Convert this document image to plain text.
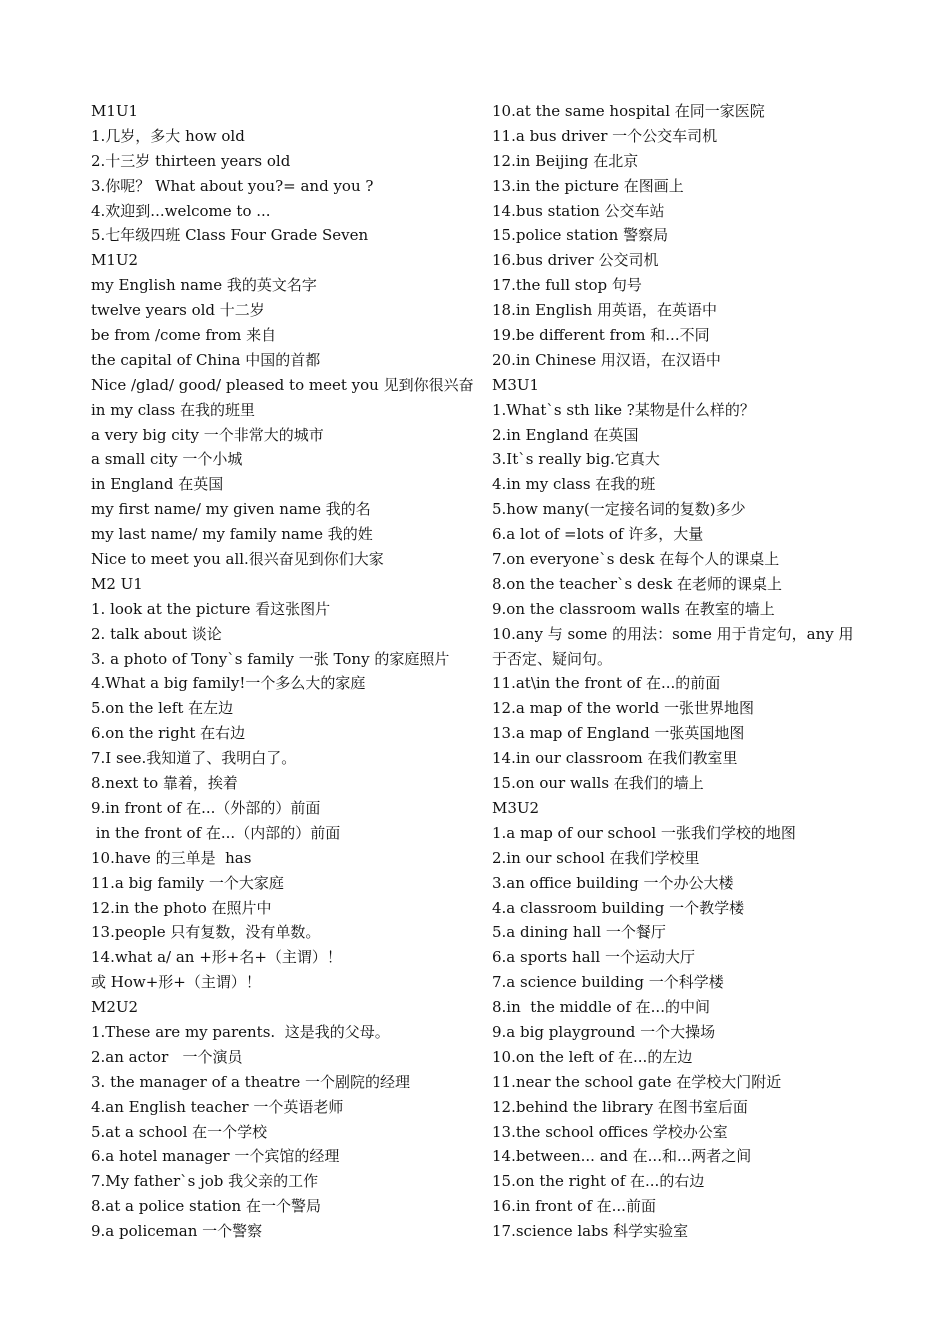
M1U1
1.几岁，多大 how old
2.十三岁 thirteen years old
3.你呢？ What about you?= and you ?
4.欢迎到...welcome to ...
5.七年级四班 Class Four Grade Seven
M1U2
my English name 我的英文名字
twelve years old 十二岁
be from /come from 来自
the capital of China 中国的首都
Nice /glad/ good/ pleased to meet you 见到你很兴奋
in my class 在我的班里
a very big city 一个非常大的城市
a small city 一个小城
in England 在英国
my first name/ my given name 我的名
my last name/ my family name 我的姓
Nice to meet you all.很兴奋见到你们大家
M2 U1
1. look at the picture 看这张图片
2. talk about 谈论
3. a photo of Tony`s family 一张 Tony 的家庭照片
4.What a big family!一个多么大的家庭
5.on the left 在左边
6.on the right 在右边
7.I see.我知道了、我明白了。
8.next to 靠着，挨着
9.in front of 在...（外部的）前面
in the front of 在...（内部的）前面
10.have 的三单是  has
11.a big family 一个大家庭
12.in the photo 在照片中
13.people 只有复数，没有单数。
14.what a/ an +形+名+（主谓）！
或 How+形+（主谓）！
M2U2
1.These are my parents.  这是我的父母。
2.an actor   一个演员
3. the manager of a theatre 一个剧院的经理
4.an English teacher 一个英语老师
5.at a school 在一个学校
6.a hotel manager 一个宾馆的经理
7.My father`s job 我父亲的工作
8.at a police station 在一个警局
9.a policeman 一个警察
10.at the same hospital 在同一家医院
11.a bus driver 一个公交车司机
12.in Beijing 在北京
13.in the picture 在图画上
14.bus station 公交车站
15.police station 警察局
16.bus driver 公交司机
17.the full stop 句号
18.in English 用英语，在英语中
19.be different from 和...不同
20.in Chinese 用汉语，在汉语中
M3U1
1.What`s sth like ?某物是什么样的？
2.in England 在英国
3.It`s really big.它真大
4.in my class 在我的班
5.how many(一定接名词的复数)多少
6.a lot of =lots of 许多，大量
7.on everyone`s desk 在每个人的课桌上
8.on the teacher`s desk 在老师的课桌上
9.on the classroom walls 在教室的墙上
10.any 与 some 的用法：some 用于肯定句，any 用
于否定、疑问句。
11.at\in the front of 在...的前面
12.a map of the world 一张世界地图
13.a map of England 一张英国地图
14.in our classroom 在我们教室里
15.on our walls 在我们的墙上
M3U2
1.a map of our school 一张我们学校的地图
2.in our school 在我们学校里
3.an office building 一个办公大楼
4.a classroom building 一个教学楼
5.a dining hall 一个餐厅
6.a sports hall 一个运动大厅
7.a science building 一个科学楼
8.in  the middle of 在...的中间
9.a big playground 一个大操场
10.on the left of 在...的左边
11.near the school gate 在学校大门附近
12.behind the library 在图书室后面
13.the school offices 学校办公室
14.between... and 在...和...两者之间
15.on the right of 在...的右边
16.in front of 在...前面
17.science labs 科学实验室
